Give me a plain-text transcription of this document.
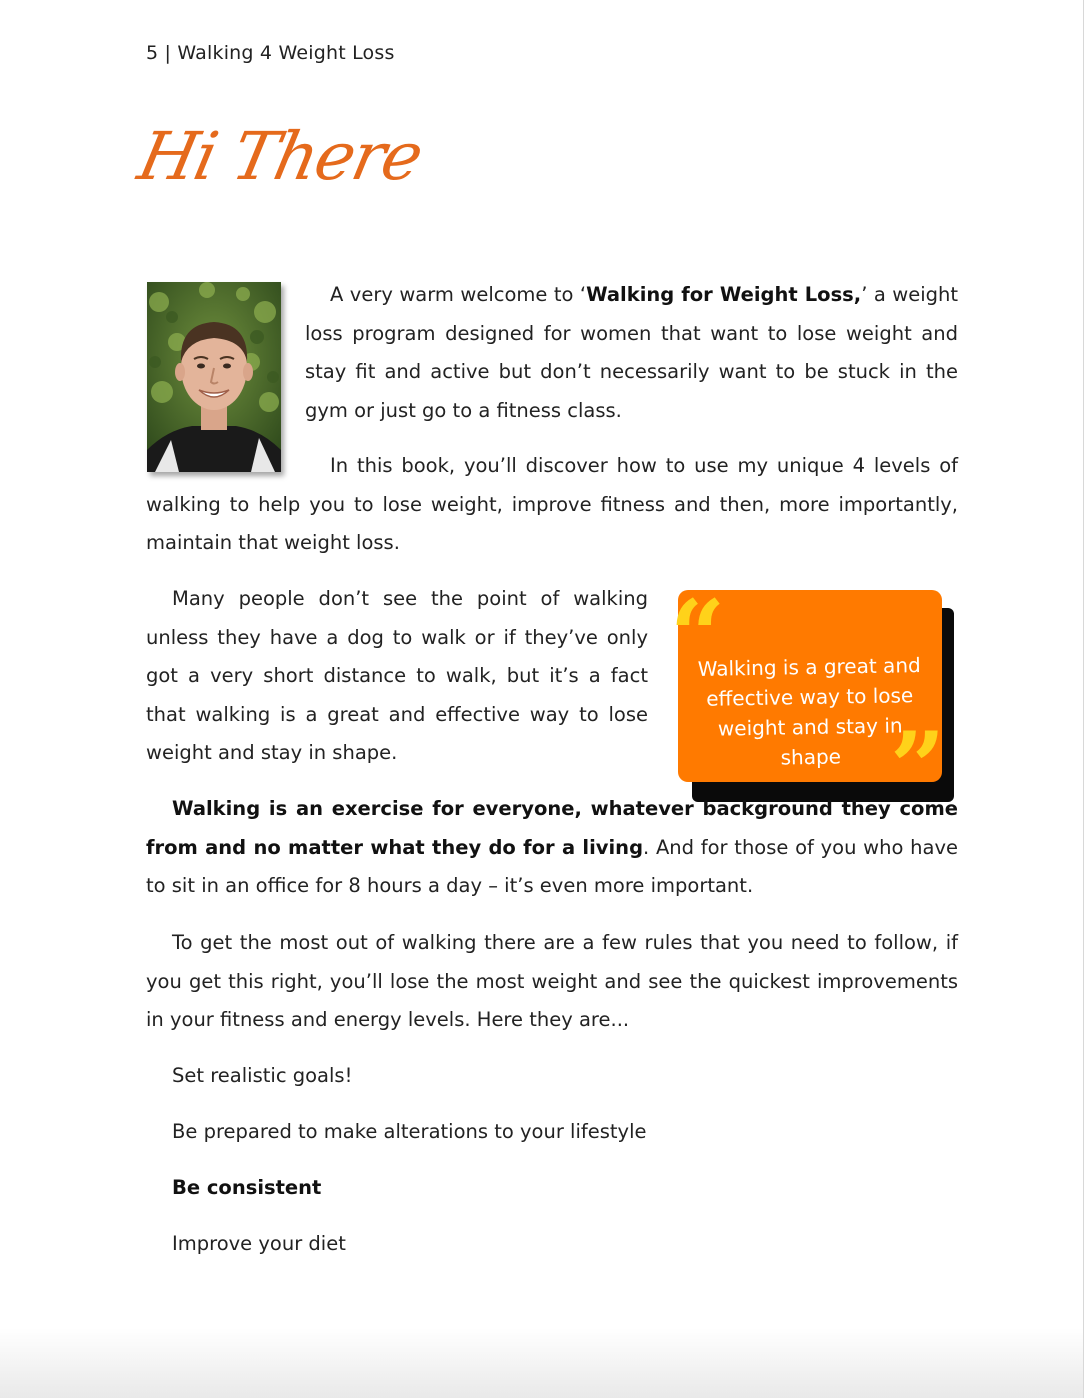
5 | Walking 4 Weight Loss
Hi There
A very warm welcome to ‘Walking for Weight Loss,’ a weight loss program designed for women that want to lose weight and stay fit and active but don’t necessarily want to be stuck in the gym or just go to a fitness class.
In this book, you’ll discover how to use my unique 4 levels of walking to help you to lose weight, improve fitness and then, more importantly, maintain that weight loss.
Many people don’t see the point of walking unless they have a dog to walk or if they’ve only got a very short distance to walk, but it’s a fact that walking is a great and effective way to lose weight and stay in shape.
“
Walking is a great and effective way to lose weight and stay in shape ”
Walking is an exercise for everyone, whatever background they come from and no matter what they do for a living. And for those of you who have to sit in an office for 8 hours a day – it’s even more important.
To get the most out of walking there are a few rules that you need to follow, if you get this right, you’ll lose the most weight and see the quickest improvements in your fitness and energy levels. Here they are...
Set realistic goals!
Be prepared to make alterations to your lifestyle
Be consistent
Improve your diet
